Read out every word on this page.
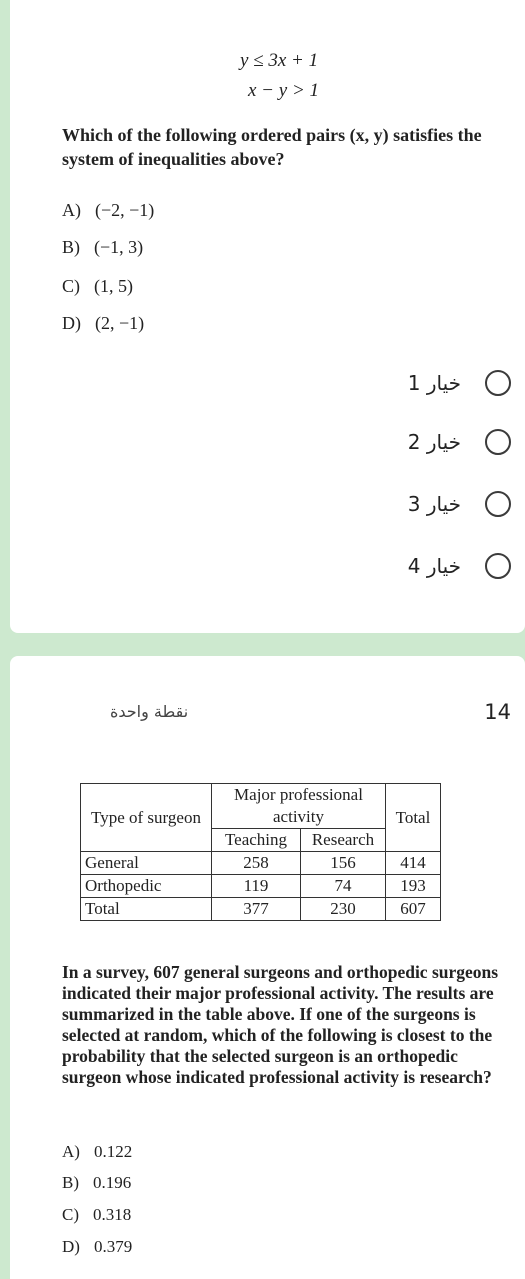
y ≤ 3x + 1
x − y > 1
Which of the following ordered pairs (x, y) satisfies the system of inequalities above?
A) (−2, −1)
B) (−1, 3)
C) (1, 5)
D) (2, −1)
خيار 1
خيار 2
خيار 3
خيار 4
نقطة واحدة	14
Type of surgeon	Major professional activity		Total
	Teaching	Research	
General	258	156	414
Orthopedic	119	74	193
Total	377	230	607
In a survey, 607 general surgeons and orthopedic surgeons indicated their major professional activity. The results are summarized in the table above. If one of the surgeons is selected at random, which of the following is closest to the probability that the selected surgeon is an orthopedic surgeon whose indicated professional activity is research?
A) 0.122
B) 0.196
C) 0.318
D) 0.379
